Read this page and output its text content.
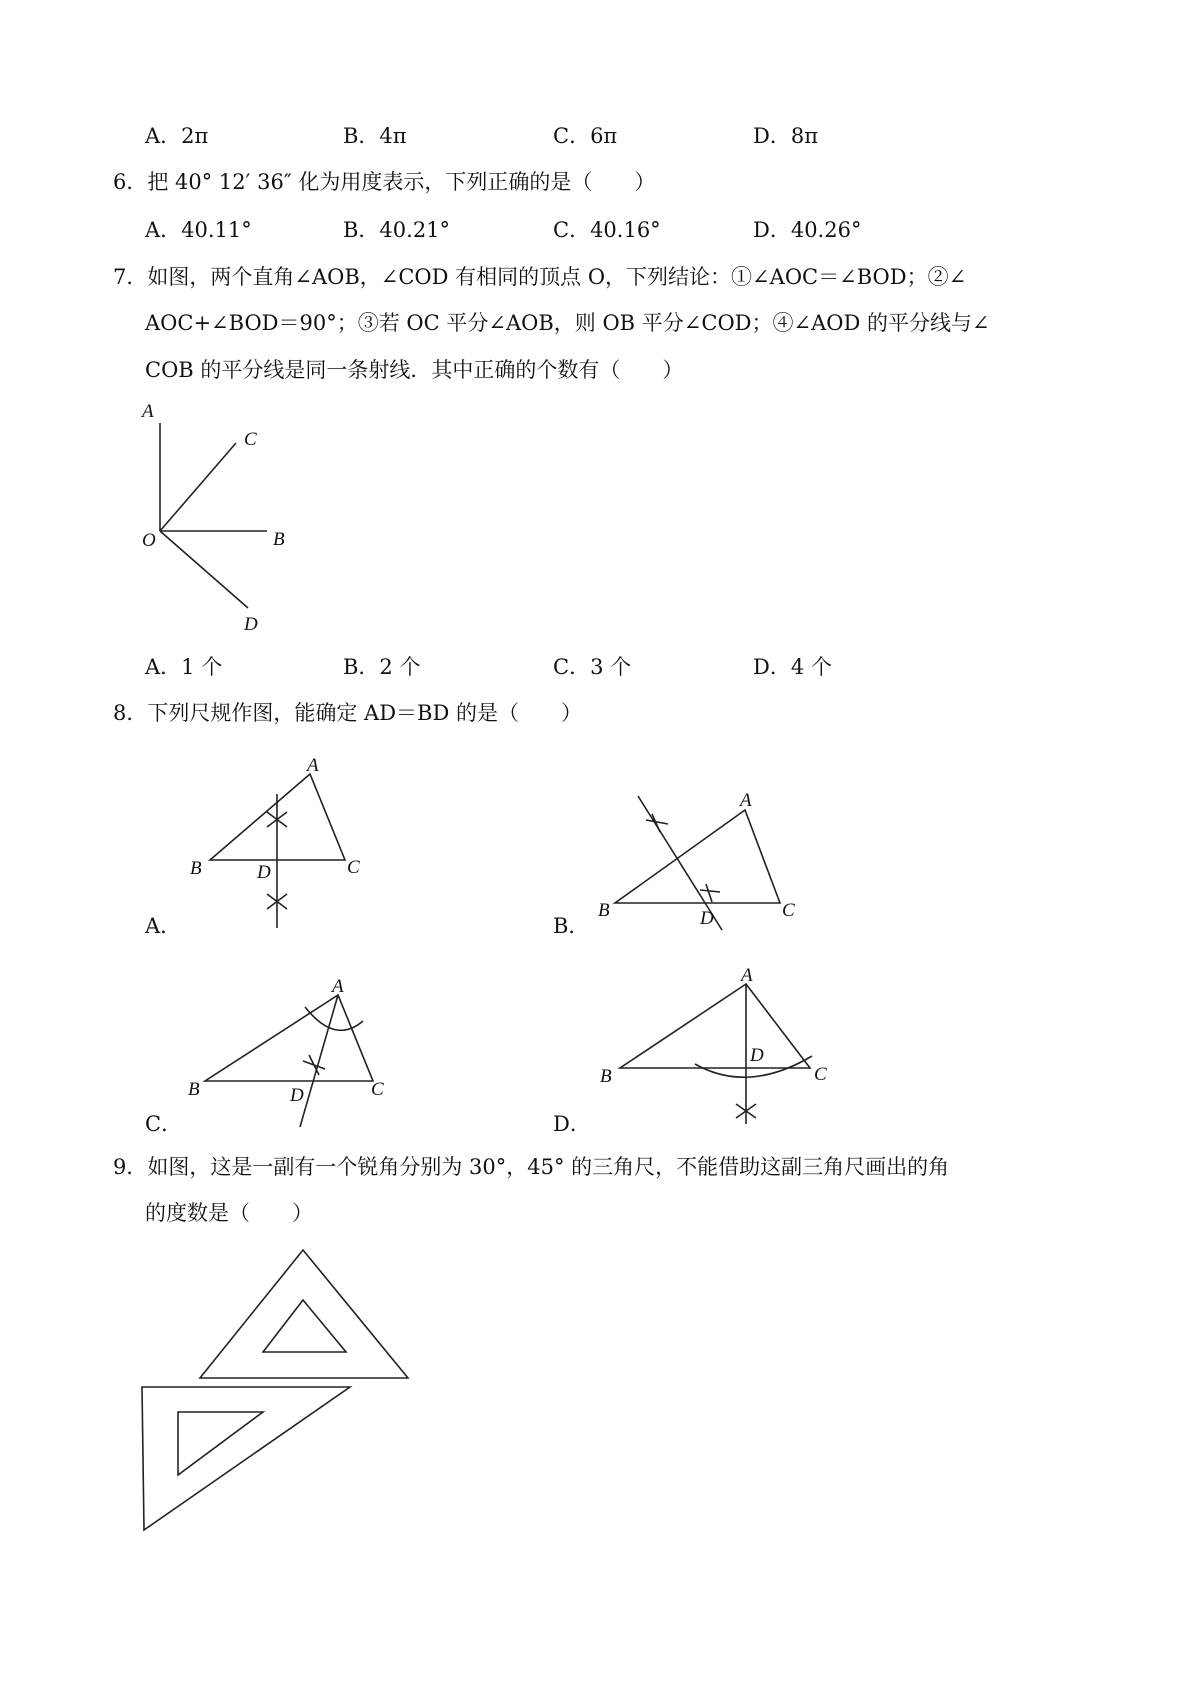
A．2π	B．4π	C．6π	D．8π
6．把 40° 12′ 36″ 化为用度表示，下列正确的是（　　）
A．40.11°	B．40.21°	C．40.16°	D．40.26°
7．如图，两个直角∠AOB，∠COD 有相同的顶点 O，下列结论：①∠AOC＝∠BOD；②∠
AOC+∠BOD＝90°；③若 OC 平分∠AOB，则 OB 平分∠COD；④∠AOD 的平分线与∠
COB 的平分线是同一条射线．其中正确的个数有（　　）
A
C
O	B
D
A．1 个	B．2 个	C．3 个	D．4 个
8．下列尺规作图，能确定 AD＝BD 的是（　　）
A
B	C
D
A．
A
B	C
D
B．
A
B	C
D
C．
A
B	C
D
D．
9．如图，这是一副有一个锐角分别为 30°，45° 的三角尺，不能借助这副三角尺画出的角
的度数是（　　）
